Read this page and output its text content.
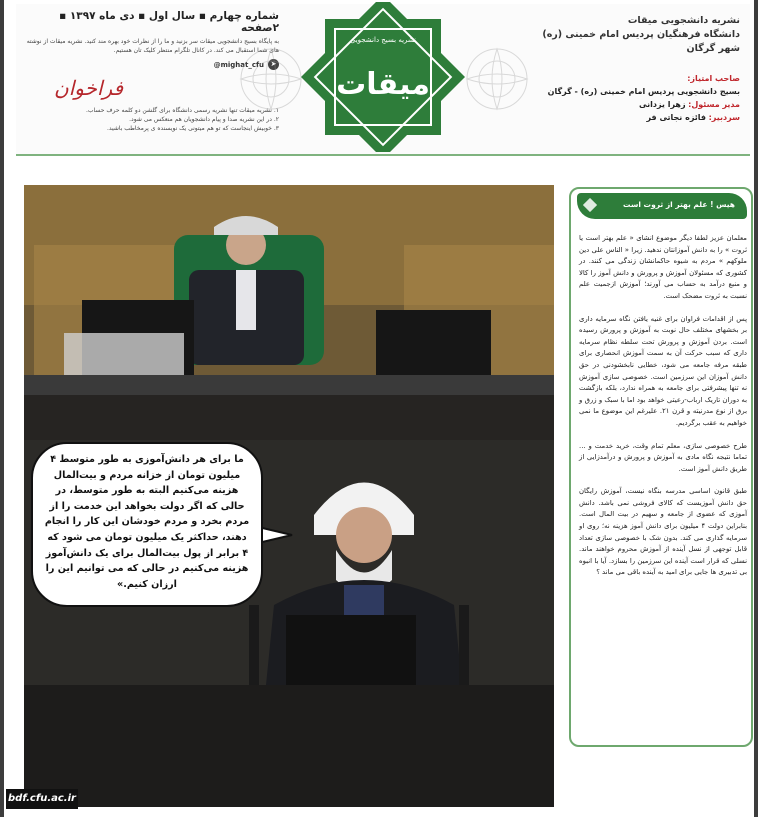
شماره چهارم ▪ سال اول ▪ دی ماه ۱۳۹۷ ▪ ۲صفحه
به پایگاه بسیج دانشجویی میقات سر بزنید و ما را از نظرات خود بهره مند کنید. نشریه میقات از نوشته های شما استقبال می کند. در کانال تلگرام منتظر کلیک تان هستیم.
@mighat_cfu ➤
فراخوان
۱. نشریه میقات تنها نشریه رسمی دانشگاه برای گلشن دو کلمه حرف حساب.
۲. در این نشریه صدا و پیام دانشجویان هم منعکس می شود.
۳. خوبیش اینجاست که تو هم میتونی یک نویسنده ی پرمخاطب باشید.
نشریه بسیج دانشجویی
میقات
نشریه دانشجویی میقات
دانشگاه فرهنگیان پردیس امام خمینی (ره)
شهر گرگان
صاحب امتیاز:
بسیج دانشجویی پردیس امام خمینی (ره) - گرگان
مدیر مسئول: زهرا یزدانی
سردبیر: فائزه نجاتی فر

ما برای هر دانش‌آموزی به طور متوسط ۴ میلیون تومان از خزانه مردم و بیت‌المال هزینه می‌کنیم البته به طور متوسط، در حالی که اگر دولت بخواهد این خدمت را از مردم بخرد و مردم خودشان این کار را انجام دهند، حداکثر یک میلیون تومان می شود که ۴ برابر از پول بیت‌المال برای یک دانش‌آموز هزینه می‌کنیم در حالی که می توانیم این را ارزان کنیم.»

هیس ! علم بهتر از ثروت است

معلمان عزیز لطفا دیگر موضوع انشای « علم بهتر است یا ثروت » را به دانش آموزانتان ندهید. زیرا « الناس علی دین ملوکهم » مردم به شیوه حاکمانشان زندگی می کنند. در کشوری که مسئولان آموزش و پرورش و دانش آموز را کالا و منبع درآمد به حساب می آورند؛ آموزش ازجمیت علم نسبت به ثروت مضحک است.

پس از اقدامات فراوان برای غنیه یافتن نگاه سرمایه داری بر بخشهای مختلف حال نوبت به آموزش و پرورش رسیده است. بردن آموزش و پرورش تحت سلطه نظام سرمایه داری که سبب حرکت آن به سمت آموزش انحصاری برای طبقه مرفه جامعه می شود، خطایی نابخشودنی در حق دانش آموزان این سرزمین است. خصوصی سازی آموزش نه تنها پیشرفتی برای جامعه به همراه ندارد، بلکه بازگشت به دوران تاریک ارباب-رعیتی خواهد بود اما با سبک و زرق و برق از نوع مدرنیته و قرن ۲۱. علیرغم این موضوع ما نمی خواهیم به عقب برگردیم.

طرح خصوصی سازی، معلم تمام وقت، خرید خدمت و ... تماما نتیجه نگاه مادی به آموزش و پرورش و درآمدزایی از طریق دانش آموز است.

طبق قانون اساسی مدرسه بنگاه نیست، آموزش رایگان حق دانش آموزیست که کالای فروشی نمی باشد. دانش آموزی که عضوی از جامعه و سهیم در بیت المال است. بنابراین دولت ۴ میلیون برای دانش آموز هزینه نه؛ روی او سرمایه گذاری می کند. بدون شک با خصوصی سازی تعداد قابل توجهی از نسل آینده از آموزش محروم خواهند ماند. نسلی که قرار است آینده این سرزمین را بسازد. آیا با انبوه بی تدبیری ها جایی برای امید به آینده باقی می ماند ؟

bdf.cfu.ac.ir
